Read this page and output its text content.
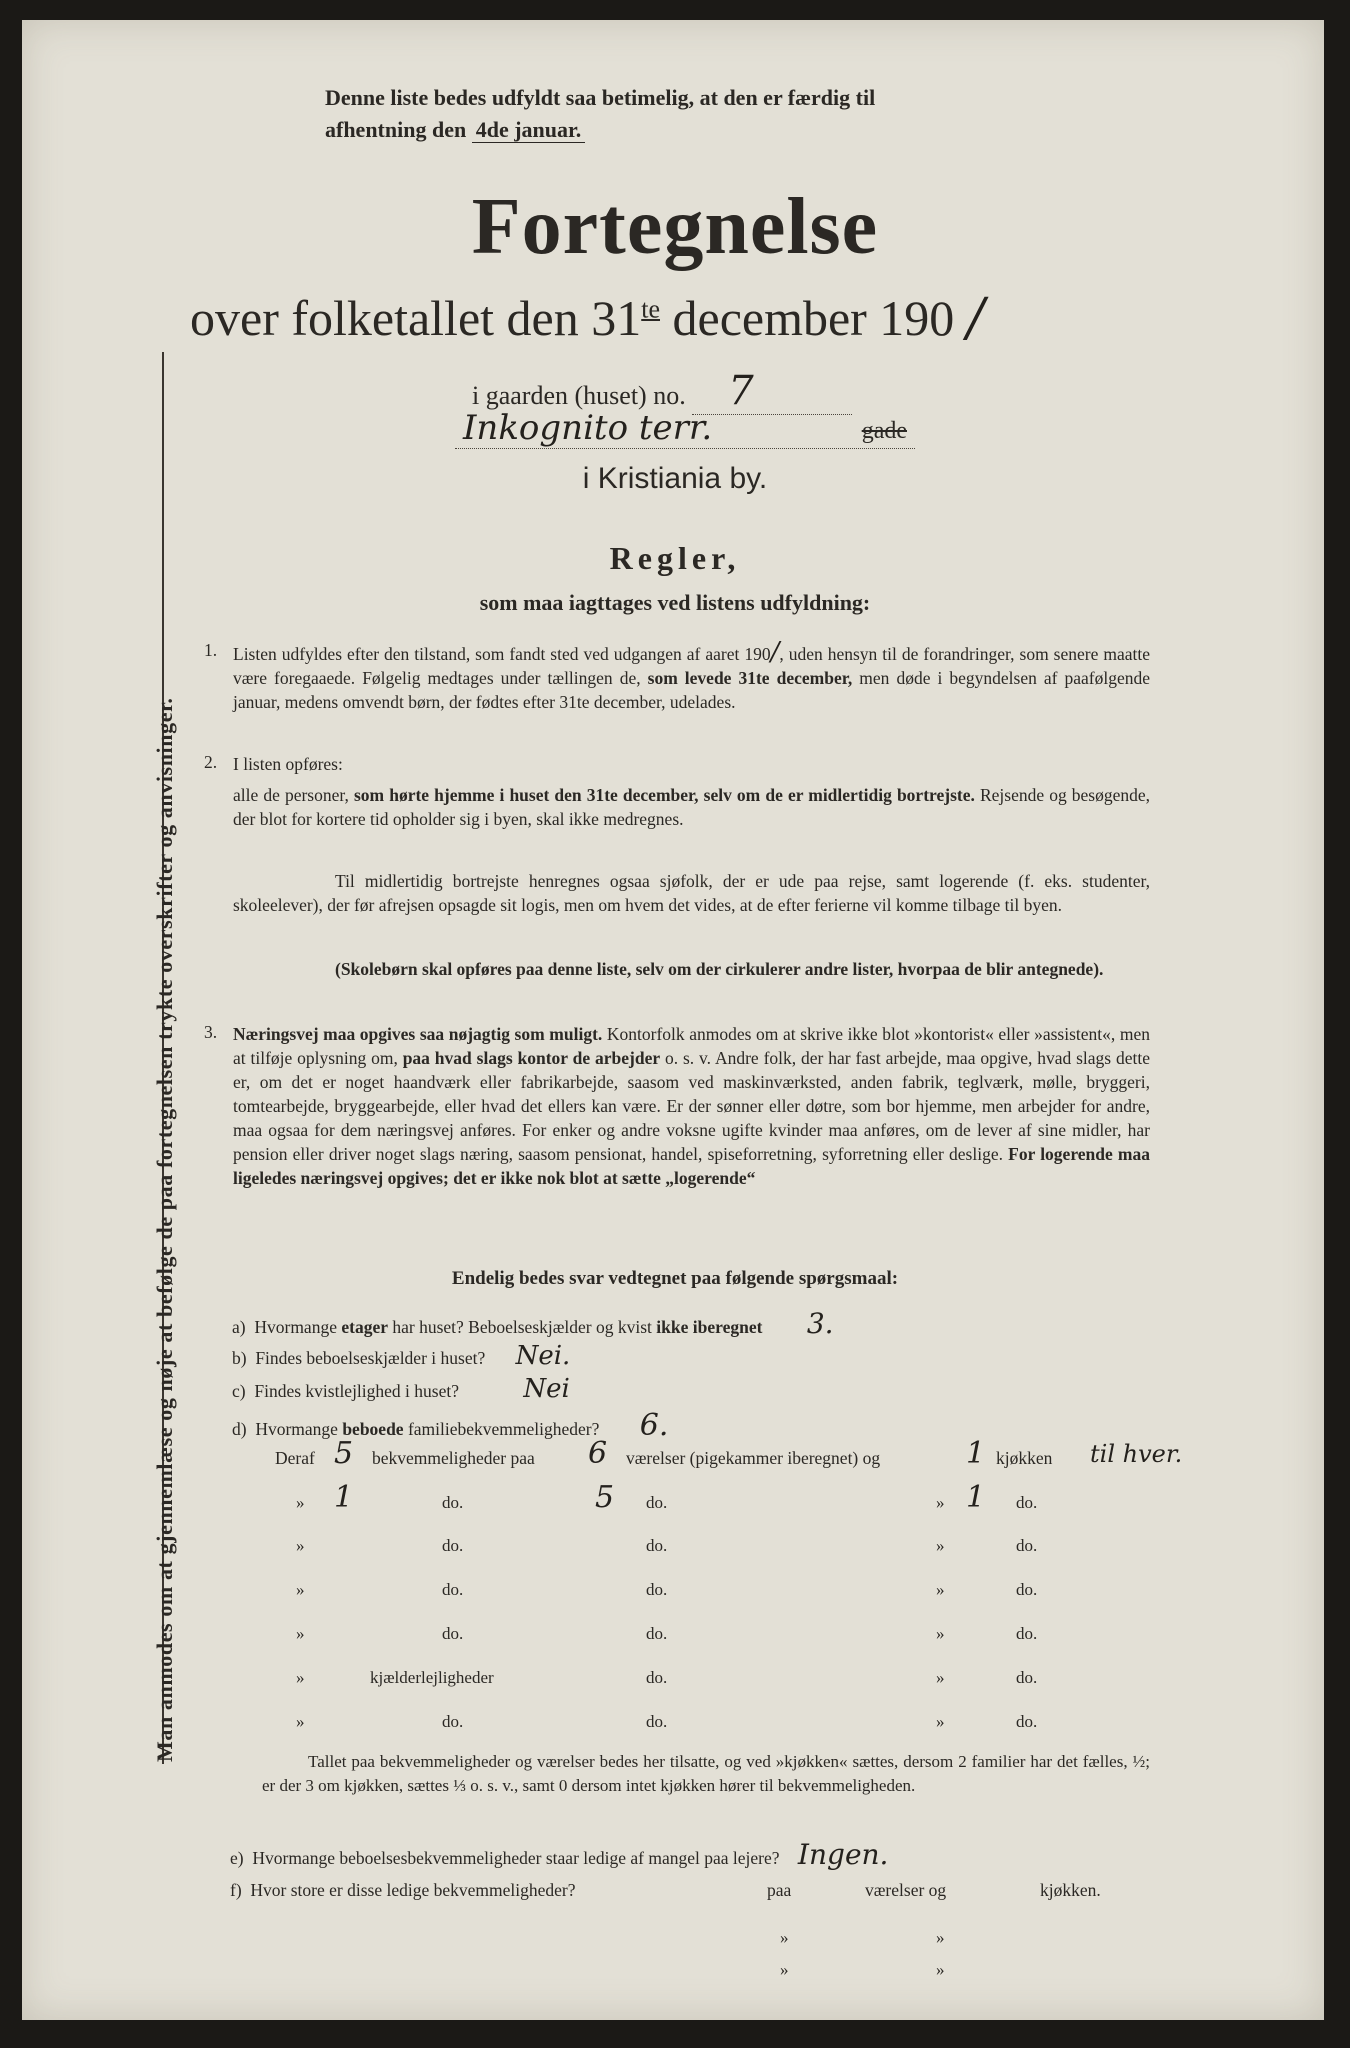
Man anmodes om at gjennemlæse og nøje at befølge de paa fortegnelsen trykte overskrifter og anvisninger.
Denne liste bedes udfyldt saa betimelig, at den er færdig til
afhentning den 4de januar.
Fortegnelse
over folketallet den $31^{te}$ december 190 /
i gaarden (huset) no. 7
Inkognito terr.	gade
i Kristiania by.
Regler,
som maa iagttages ved listens udfyldning:
1. Listen udfyldes efter den tilstand, som fandt sted ved udgangen af aaret 190/, uden hensyn til de forandringer, som senere maatte være foregaaede. Følgelig medtages under tællingen de, som levede 31te december, men døde i begyndelsen af paafølgende januar, medens omvendt børn, der fødtes efter 31te december, udelades.
2. I listen opføres:
alle de personer, som hørte hjemme i huset den 31te december, selv om de er midlertidig bortrejste. Rejsende og besøgende, der blot for kortere tid opholder sig i byen, skal ikke medregnes.
Til midlertidig bortrejste henregnes ogsaa sjøfolk, der er ude paa rejse, samt logerende (f. eks. studenter, skoleelever), der før afrejsen opsagde sit logis, men om hvem det vides, at de efter ferierne vil komme tilbage til byen.
(Skolebørn skal opføres paa denne liste, selv om der cirkulerer andre lister, hvorpaa de blir antegnede).
3. Næringsvej maa opgives saa nøjagtig som muligt. Kontorfolk anmodes om at skrive ikke blot »kontorist« eller »assistent«, men at tilføje oplysning om, paa hvad slags kontor de arbejder o. s. v. Andre folk, der har fast arbejde, maa opgive, hvad slags dette er, om det er noget haandværk eller fabrikarbejde, saasom ved maskinværksted, anden fabrik, teglværk, mølle, bryggeri, tomtearbejde, bryggearbejde, eller hvad det ellers kan være. Er der sønner eller døtre, som bor hjemme, men arbejder for andre, maa ogsaa for dem næringsvej anføres. For enker og andre voksne ugifte kvinder maa anføres, om de lever af sine midler, har pension eller driver noget slags næring, saasom pensionat, handel, spiseforretning, syforretning eller deslige. For logerende maa ligeledes næringsvej opgives; det er ikke nok blot at sætte „logerende“
Endelig bedes svar vedtegnet paa følgende spørgsmaal:
a) Hvormange etager har huset? Beboelseskjælder og kvist ikke iberegnet 3.
b) Findes beboelseskjælder i huset? Nei.
c) Findes kvistlejlighed i huset? Nei
d) Hvormange beboede familiebekvemmeligheder? 6.
Deraf 5 bekvemmeligheder paa 6 værelser (pigekammer iberegnet) og	1 kjøkken til hver.
» 1	do.	5 do.	» 1 do.
»	do.	do.	»	do.
»	do.	do.	»	do.
»	do.	do.	»	do.
»	kjælderlejligheder	do.	»	do.
»	do.	do.	»	do.
Tallet paa bekvemmeligheder og værelser bedes her tilsatte, og ved »kjøkken« sættes, dersom 2 familier har det fælles, ½; er der 3 om kjøkken, sættes ⅓ o. s. v., samt 0 dersom intet kjøkken hører til bekvemmeligheden.
e) Hvormange beboelsesbekvemmeligheder staar ledige af mangel paa lejere? Ingen.
f) Hvor store er disse ledige bekvemmeligheder?	paa	værelser og	kjøkken.
»	»
»	»
